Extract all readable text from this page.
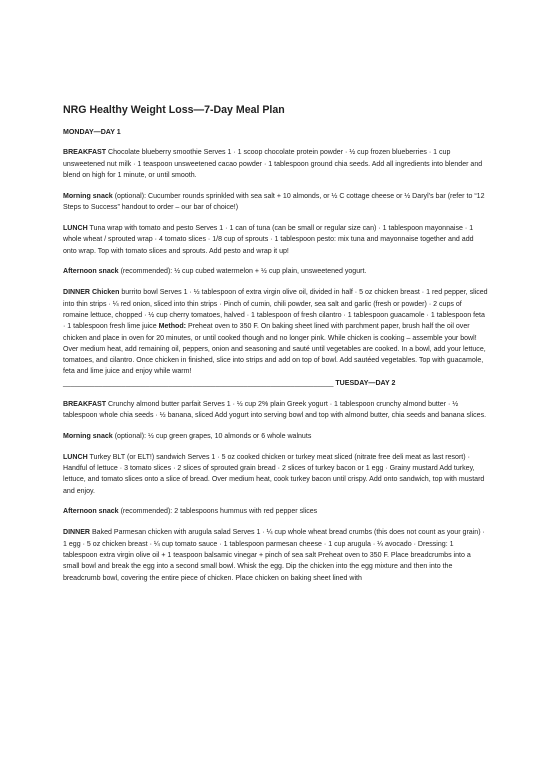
NRG Healthy Weight Loss—7-Day Meal Plan
MONDAY—DAY 1

BREAKFAST Chocolate blueberry smoothie Serves 1 · 1 scoop chocolate protein powder · ½ cup frozen blueberries · 1 cup unsweetened nut milk · 1 teaspoon unsweetened cacao powder · 1 tablespoon ground chia seeds. Add all ingredients into blender and blend on high for 1 minute, or until smooth.

Morning snack (optional): Cucumber rounds sprinkled with sea salt + 10 almonds, or ½ C cottage cheese or ½ Daryl’s bar (refer to “12 Steps to Success” handout to order – our bar of choice!)

LUNCH Tuna wrap with tomato and pesto Serves 1 · 1 can of tuna (can be small or regular size can) · 1 tablespoon mayonnaise · 1 whole wheat / sprouted wrap · 4 tomato slices · 1/8 cup of sprouts · 1 tablespoon pesto: mix tuna and mayonnaise together and add onto wrap. Top with tomato slices and sprouts. Add pesto and wrap it up!

Afternoon snack (recommended): ½ cup cubed watermelon + ½ cup plain, unsweetened yogurt.

DINNER Chicken burrito bowl Serves 1 · ½ tablespoon of extra virgin olive oil, divided in half · 5 oz chicken breast · 1 red pepper, sliced into thin strips · ¼ red onion, sliced into thin strips · Pinch of cumin, chili powder, sea salt and garlic (fresh or powder) · 2 cups of romaine lettuce, chopped · ½ cup cherry tomatoes, halved · 1 tablespoon of fresh cilantro · 1 tablespoon guacamole · 1 tablespoon feta · 1 tablespoon fresh lime juice Method: Preheat oven to 350 F. On baking sheet lined with parchment paper, brush half the oil over chicken and place in oven for 20 minutes, or until cooked though and no longer pink. While chicken is cooking – assemble your bowl! Over medium heat, add remaining oil, peppers, onion and seasoning and sauté until vegetables are cooked. In a bowl, add your lettuce, tomatoes, and cilantro. Once chicken in finished, slice into strips and add on top of bowl. Add sautéed vegetables. Top with guacamole, feta and lime juice and enjoy while warm!

_____________________________________________________________________ TUESDAY—DAY 2

BREAKFAST Crunchy almond butter parfait Serves 1 · ½ cup 2% plain Greek yogurt · 1 tablespoon crunchy almond butter · ½ tablespoon whole chia seeds · ½ banana, sliced Add yogurt into serving bowl and top with almond butter, chia seeds and banana slices.

Morning snack (optional): ½ cup green grapes, 10 almonds or 6 whole walnuts

LUNCH Turkey BLT (or ELT!) sandwich Serves 1 · 5 oz cooked chicken or turkey meat sliced (nitrate free deli meat as last resort) · Handful of lettuce · 3 tomato slices · 2 slices of sprouted grain bread · 2 slices of turkey bacon or 1 egg · Grainy mustard Add turkey, lettuce, and tomato slices onto a slice of bread. Over medium heat, cook turkey bacon until crispy. Add onto sandwich, top with mustard and enjoy.

Afternoon snack (recommended): 2 tablespoons hummus with red pepper slices

DINNER Baked Parmesan chicken with arugula salad Serves 1 · ¼ cup whole wheat bread crumbs (this does not count as your grain) · 1 egg · 5 oz chicken breast · ¼ cup tomato sauce · 1 tablespoon parmesan cheese · 1 cup arugula · ¼ avocado · Dressing: 1 tablespoon extra virgin olive oil + 1 teaspoon balsamic vinegar + pinch of sea salt Preheat oven to 350 F. Place breadcrumbs into a small bowl and break the egg into a second small bowl. Whisk the egg. Dip the chicken into the egg mixture and then into the breadcrumb bowl, covering the entire piece of chicken. Place chicken on baking sheet lined with
